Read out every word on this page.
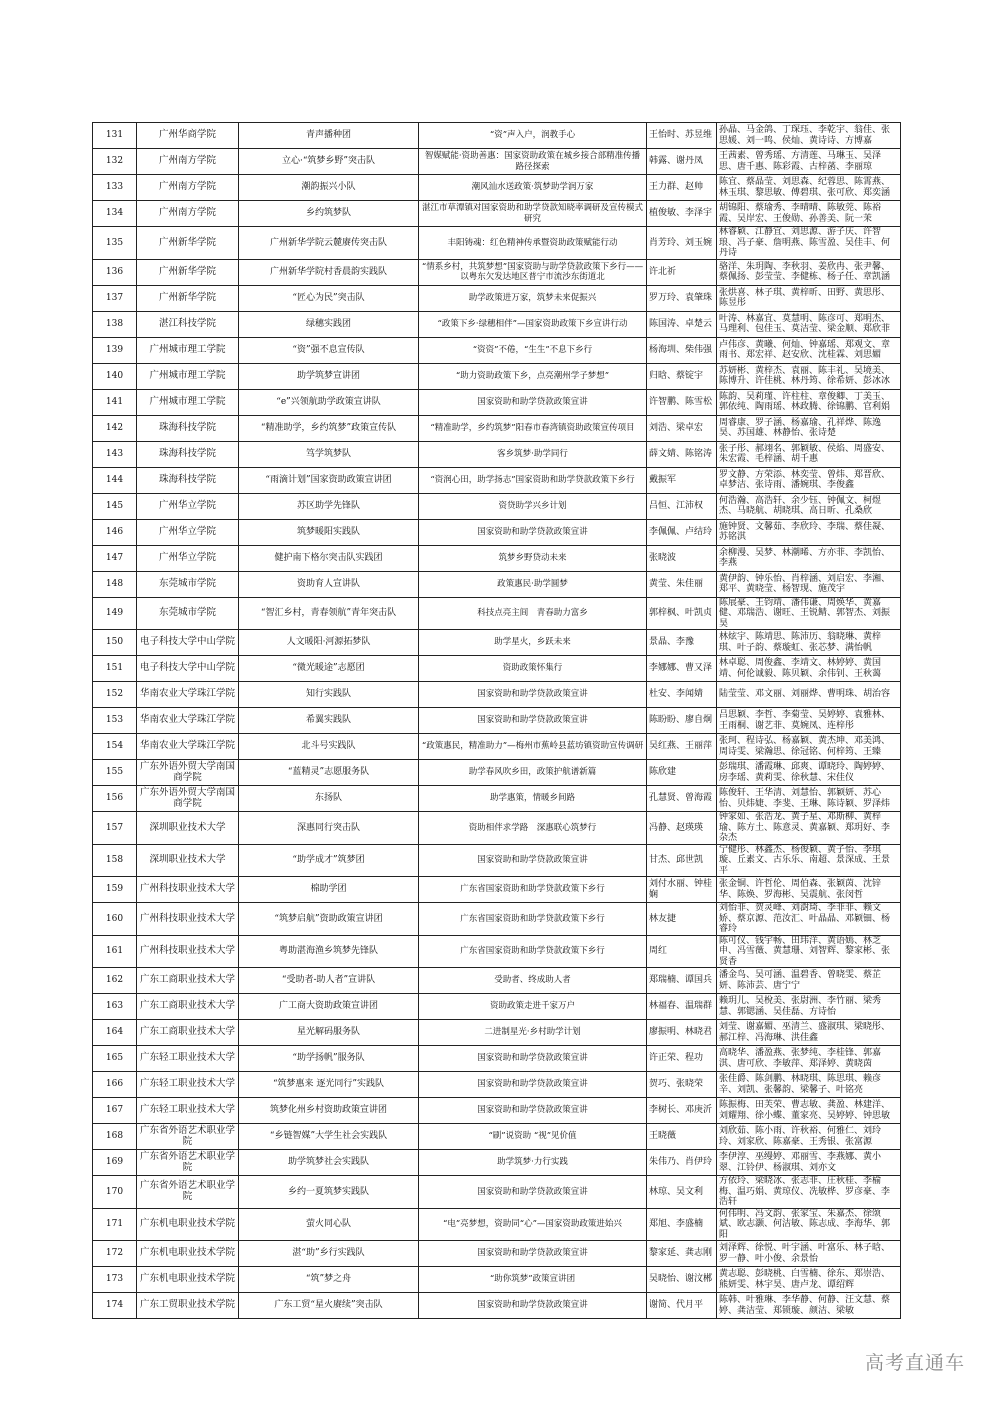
131	广州华商学院	青声播种团	“资”声入户，润教手心	王怡时、苏昱维	孙晶、马金鸽、丁琛珏、李乾宇、翁佳、张思媛、刘一鸣、侯灿、黄诗诗、方博嘉
132	广州南方学院	立心·“筑梦乡野”突击队	智媒赋能·资助善惠：国家资助政策在城乡接合部精准传播路径探索	韩露、谢丹凤	王茜素、曾秀瑶、方清莲、马琳玉、吴泽思、唐千惠、陈彩霞、古梓菡、李丽琼
133	广州南方学院	潮韵振兴小队	潮风汕水送政策·筑梦助学润万家	王力群、赵帅	陈宜、蔡晶莹、刘思森、纪蓉思、陈霄燕、林玉琪、黎思敏、傅碧琪、张可欣、郑奕涵
134	广州南方学院	乡约筑梦队	湛江市草潭镇对国家资助和助学贷款知晓率调研及宣传模式研究	植俊敏、李泽宇	胡锦阳、蔡瑜秀、李晴晴、陈敏莞、陈裕霞、吴岸宏、王俊勋、孙善美、阮一茉
135	广州新华学院	广州新华学院云麓赓传突击队	丰阳铸魂：红色精神传承暨资助政策赋能行动	肖芳玲、刘玉婉	林睿颖、江静宜、刘思源、游子庆、许智琅、冯子豪、詹明燕、陈雪盈、吴佳丰、何丹诗
136	广州新华学院	广州新华学院村香晨韵实践队	“情系乡村，共筑梦想”国家资助与助学贷款政策下乡行——以粤东欠发达地区普宁市流沙东街道北	许北祈	骆洋、朱玥陶、李秋羽、姜欣冉、张尹馨、蔡佩扬、彭莹莹、李健栋、杨子任、章凯涵
137	广州新华学院	“匠心为民”突击队	助学政策进万家，筑梦未来促振兴	罗万玲、袁肇珠	张烘喜、林子琪、黄梓昕、田野、黄思彤、陈昱彤
138	湛江科技学院	绿穗实践团	“政策下乡·绿穗相伴”—国家资助政策下乡宣讲行动	陈国涛、卓楚云	叶涛、林嘉宜、莫慧明、陈彦可、郑明杰、马理利、包佳玉、莫洁莹、梁金顺、郑欣菲
139	广州城市理工学院	“资”强不息宣传队	“资资”不倦，“生生”不息下乡行	杨海圳、柴伟强	卢伟彦、黄曦、何灿、钟嘉瑶、郑观文、章雨书、郑宏祥、赵安欣、沈桂霖、刘思媚
140	广州城市理工学院	助学筑梦宣讲团	“助力资助政策下乡，点亮潮州学子梦想”	归晗、蔡锭宇	苏妍彬、黄梓杰、袁丽、陈丰礼、吴境美、陈博升、许佳桃、林丹筠、徐希妍、彭冰冰
141	广州城市理工学院	“e”兴领航助学政策宣讲队	国家资助和助学贷款政策宣讲	许智鹏、陈雪松	陈韵、吴莉瑾、许柱柱、章俊卿、丁美玉、郭依纯、陶雨瑶、林政腾、徐锦鹏、官利娟
142	珠海科技学院	“精准助学，乡约筑梦”政策宣传队	“精准助学，乡约筑梦”阳春市春湾镇资助政策宣传项目	刘浩、梁卓宏	周睿康、罗子涵、杨嘉瑜、孔祥烨、陈逸昊、苏国雄、林静怡、张诗楚
143	珠海科技学院	笃学筑梦队	客乡筑梦·助学同行	薛文婧、陈铭涛	张子彤、郝翊名、郭颖敏、侯焰、周盛安、朱宏霞、毛梓涵、胡千惠
144	珠海科技学院	“雨滴计划”国家资助政策宣讲团	“资润心田，助学扬志”国家资助和助学贷款政策下乡行	戴振军	罗文静、方荣添、林奕莹、曾炜、郑晋欣、卓梦洁、张诗雨、潘婉琪、李俊鑫
145	广州华立学院	苏区助学先锋队	资贷助学兴乡计划	吕恒、江沛权	何浩瀚、高浩轩、余少钰、钟佩文、柯煜杰、马晓航、胡晓琪、高日昕、孔桑欣
146	广州华立学院	筑梦暖阳实践队	国家资助和助学贷款政策宣讲	李佩佩、卢结玲	施钟贤、文馨茹、李欣玲、李瑞、蔡佳凝、苏铭淇
147	广州华立学院	健护南下格尔突击队实践团	筑梦乡野贷动未来	张晓波	余柳漫、吴梦、林潮晞、方亦菲、李凯怡、李燕
148	东莞城市学院	资助育人宣讲队	政策惠民·助学圆梦	黄莹、朱佳丽	黄伊韵、钟乐怡、肖梓涵、刘启宏、李湘、郑平、黄晓莹、杨智现、施茂宇
149	东莞城市学院	“智汇乡村，青春领航”青年突击队	科技点亮主闾　青春助力富乡	郭梓枫、叶凯贞	陈展豪、王钧靖、潘伟谦、周焕华、黄嘉健、邓瑞浩、谢旺、王锐鲭、郭智杰、刘振昊
150	电子科技大学中山学院	人文暖阳·河源拓梦队	助学星火，乡跃未来	景晶、李豫	林炫宇、陈靖思、陈沛历、翁晓琳、黄梓琪、叶子韵、蔡璇虹、张芯梦、满怡帆
151	电子科技大学中山学院	“微光暖途”志愿团	资助政策怀集行	李娜娜、曹又泽	林卓聪、周俊鑫、李靖文、林婷婷、黄国靖、何伦诚毅、陈贝颖、余伟钊、王秋蔼
152	华南农业大学珠江学院	知行实践队	国家资助和助学贷款政策宣讲	杜安、李闻婧	陆莹莹、邓文丽、刘丽烨、曹明珠、胡治容
153	华南农业大学珠江学院	希翼实践队	国家资助和助学贷款政策宣讲	陈盼盼、廖自炯	吕思颖、李哲、李菊莹、吴婷婷、袁雅林、王雨桐、谢艺菲、莫婉凤、连梓彤
154	华南农业大学珠江学院	北斗号实践队	“政策惠民，精准助力”—梅州市蕉岭县蓝坊镇资助宣传调研	吴红燕、王丽萍	张珂、程诗弘、杨嘉颖、黄杰坤、邓美鸿、周诗雯、梁瀚思、徐冠铭、何梓筠、王臻
155	广东外语外贸大学南国商学院	“蓝精灵”志愿服务队	助学春风吹乡田，政策护航谱新篇	陈欣建	彭瑞琪、潘霞琳、邱爽、谭晓玲、陶婷婷、房李瑶、黄莉雯、徐秋慧、宋佳仪
156	广东外语外贸大学南国商学院	东扬队	助学惠策，情暖乡间路	孔慧贤、曾海霞	陈俊轩、王华清、刘慧怡、郭颖妍、苏心怡、贝炜婕、李斐、王琳、陈诗颖、罗泽炜
157	深圳职业技术大学	深惠同行突击队	资助相伴求学路　深惠联心筑梦行	冯静、赵瑛瑛	钟家如、张浩龙、黄子星、邓斯柳、黄梓瑜、陈方土、陈意灵、黄嘉颖、郑玥好、李杂杰
158	深圳职业技术大学	“助学成才”筑梦团	国家资助和助学贷款政策宣讲	甘杰、邱世凯	宁健彤、林鑫杰、杨俊颖、黄子怡、李琪璇、丘素文、古乐乐、南超、景深成、王景平
159	广州科技职业技术大学	棉助学团	广东省国家资助和助学贷款政策下乡行	刘付水丽、钟桂娴	张金铜、许哲伦、周伯森、张颖茵、沈锌华、陈焕、罗海彬、吴震航、张闵哲
160	广州科技职业技术大学	“筑梦启航”资助政策宣讲团	广东省国家资助和助学贷款政策下乡行	林友捷	刘怡菲、贺灵峰、刘澍琦、李菲菲、赖文娇、蔡京源、范汝汇、叶晶晶、邓颖钿、杨睿玲
161	广州科技职业技术大学	粤助湛海渔乡筑梦先锋队	广东省国家资助和助学贷款政策下乡行	周红	陈可仪、钱宇畅、田玮洋、黄语嫣、林芝申、冯雪薇、黄慧珊、刘智辉、黎家彬、张贤香
162	广东工商职业技术大学	“受助者-助人者”宣讲队	受助者、终成助人者	郑瑞楠、谭国兵	潘金鸟、吴可涵、温碧香、曾晓雯、蔡芷妍、陈沛芸、唐宁宁
163	广东工商职业技术大学	广工商大资助政策宣讲团	资助政策走进千家万户	林福春、温瑞群	赖玥儿、吴梲美、张尉洲、李竹丽、梁秀慧、郭锶涵、吴佳磊、方诗怡
164	广东工商职业技术大学	星光解码服务队	二进制星光·乡村助学计划	廖振明、林晓君	刘莹、谢嘉媚、巫清兰、盛淑琪、梁晓彤、郝江梓、冯海琳、洪佳鑫
165	广东轻工职业技术大学	“助学扬帆”服务队	国家资助和助学贷款政策宣讲	许正荣、程功	高晓华、潘盈燕、张梦纯、李桂锋、郭嘉淇、唐可欣、李敏萍、郑泽婷、黄晓茵
166	广东轻工职业技术大学	“筑梦惠来 逐光同行”实践队	国家资助和助学贷款政策宣讲	贺巧、张晓荣	张佳爵、陈剑鹏、林晓琪、陈思琪、赖彦辛、刘凯、张馨韵、梁馨子、叶铭亮
167	广东轻工职业技术大学	筑梦化州乡村资助政策宣讲团	国家资助和助学贷款政策宣讲	李树长、邓庚沂	陈振梅、田芙荣、曹志敏、龚盈、林建洋、刘耀翔、徐小蝶、董家亮、吴婷婷、钟思敏
168	广东省外语艺术职业学院	“乡链智媒”大学生社会实践队	“刷”说资助 “视”见价值	王晓薇	刘欣茹、陈小雨、许秋裕、何雅仁、刘玲玲、刘家欣、陈嘉豪、王秀银、张富源
169	广东省外语艺术职业学院	助学筑梦社会实践队	助学筑梦·力行实践	朱伟乃、肖伊玲	李伊淳、巫缦婷、邓丽雪、李燕娜、黄小翠、江铃伊、杨淑琪、刘亦文
170	广东省外语艺术职业学院	乡约一夏筑梦实践队	国家资助和助学贷款政策宣讲	林琼、吴文利	方依玲、梁晓冰、张志菲、庄秋桂、李榆梅、温巧娟、黄琼仪、冼敏桦、罗彦豪、李浩轩
171	广东机电职业技术学院	萤火同心队	“电”亮梦想，资助同“心”—国家资助政策进始兴	郑旭、李盛楠	何伟明、冯文韵、张家宝、朱嘉杰、徐颂斌、欧志灏、何洁敏、陈志成、李海华、郭阳
172	广东机电职业技术学院	湛“助”乡行实践队	国家资助和助学贷款政策宣讲	黎家延、龚志刚	刘泽辉、徐悦、叶宇涵、叶富乐、林子晗、罗一静、叶小俊、余景怡
173	广东机电职业技术学院	“筑”梦之舟	“助你筑梦”政策宣讲团	吴晓怡、谢汶郴	黄志聪、彭晓桃、白雪楠、徐东、郑崇浩、熊妍雯、林宇昊、唐卢龙、谭绍辉
174	广东工贸职业技术学院	广东工贸“星火赓续”突击队	国家资助和助学贷款政策宣讲	谢简、代月平	陈韩、叶雅琳、李华静、何静、汪文慧、蔡婷、龚洁莹、郑锁璇、颜洁、梁敏
高考直通车
